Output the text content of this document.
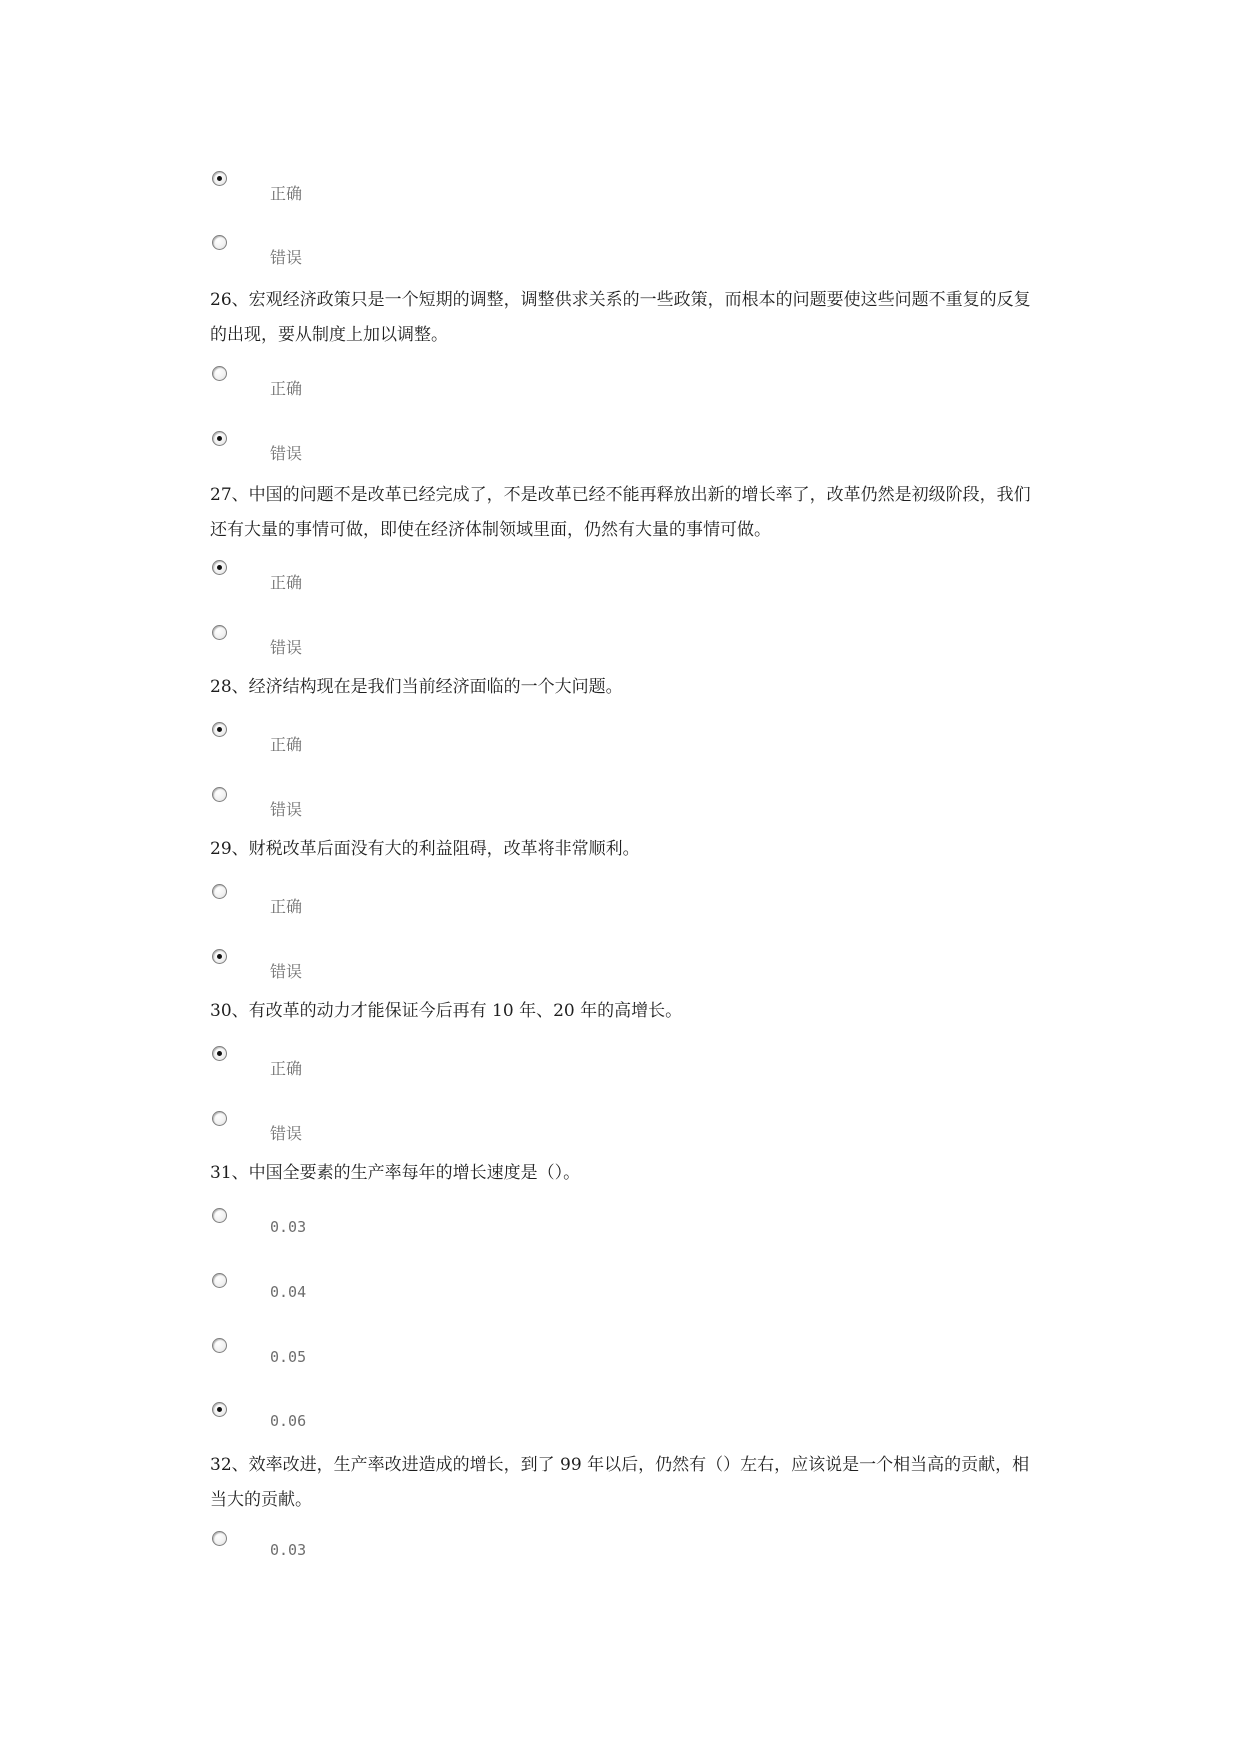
正确
错误
26、宏观经济政策只是一个短期的调整，调整供求关系的一些政策，而根本的问题要使这些问题不重复的反复的出现，要从制度上加以调整。
正确
错误
27、中国的问题不是改革已经完成了，不是改革已经不能再释放出新的增长率了，改革仍然是初级阶段，我们还有大量的事情可做，即使在经济体制领域里面，仍然有大量的事情可做。
正确
错误
28、经济结构现在是我们当前经济面临的一个大问题。
正确
错误
29、财税改革后面没有大的利益阻碍，改革将非常顺利。
正确
错误
30、有改革的动力才能保证今后再有 10 年、20 年的高增长。
正确
错误
31、中国全要素的生产率每年的增长速度是（）。
0.03
0.04
0.05
0.06
32、效率改进，生产率改进造成的增长，到了 99 年以后，仍然有（）左右，应该说是一个相当高的贡献，相当大的贡献。
0.03
